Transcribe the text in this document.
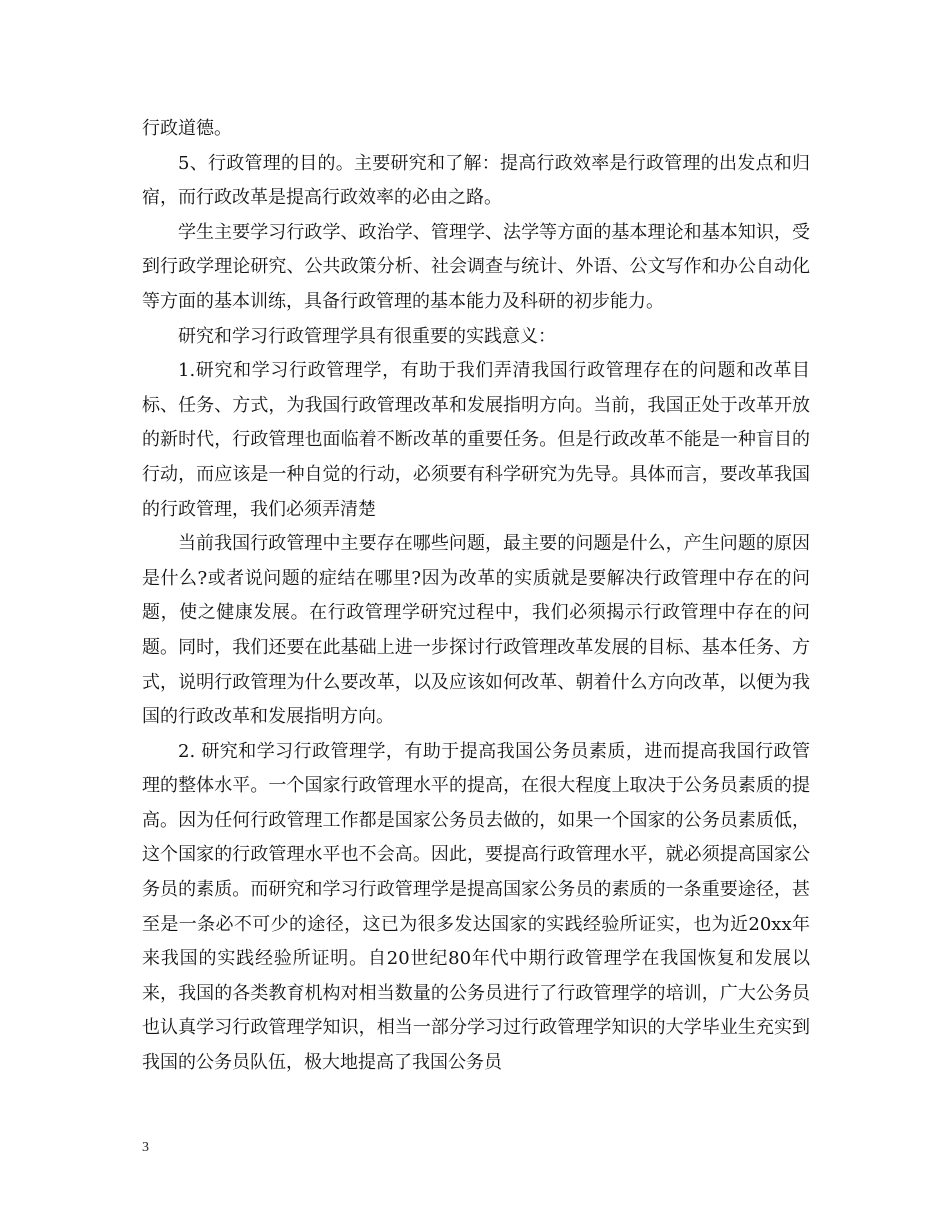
行政道德。

5、行政管理的目的。主要研究和了解：提高行政效率是行政管理的出发点和归宿，而行政改革是提高行政效率的必由之路。

学生主要学习行政学、政治学、管理学、法学等方面的基本理论和基本知识，受到行政学理论研究、公共政策分析、社会调查与统计、外语、公文写作和办公自动化等方面的基本训练，具备行政管理的基本能力及科研的初步能力。

研究和学习行政管理学具有很重要的实践意义：

1.研究和学习行政管理学，有助于我们弄清我国行政管理存在的问题和改革目标、任务、方式，为我国行政管理改革和发展指明方向。当前，我国正处于改革开放的新时代，行政管理也面临着不断改革的重要任务。但是行政改革不能是一种盲目的行动，而应该是一种自觉的行动，必须要有科学研究为先导。具体而言，要改革我国的行政管理，我们必须弄清楚

当前我国行政管理中主要存在哪些问题，最主要的问题是什么，产生问题的原因是什么?或者说问题的症结在哪里?因为改革的实质就是要解决行政管理中存在的问题，使之健康发展。在行政管理学研究过程中，我们必须揭示行政管理中存在的问题。同时，我们还要在此基础上进一步探讨行政管理改革发展的目标、基本任务、方式，说明行政管理为什么要改革，以及应该如何改革、朝着什么方向改革，以便为我国的行政改革和发展指明方向。

2. 研究和学习行政管理学，有助于提高我国公务员素质，进而提高我国行政管理的整体水平。一个国家行政管理水平的提高，在很大程度上取决于公务员素质的提高。因为任何行政管理工作都是国家公务员去做的，如果一个国家的公务员素质低，这个国家的行政管理水平也不会高。因此，要提高行政管理水平，就必须提高国家公务员的素质。而研究和学习行政管理学是提高国家公务员的素质的一条重要途径，甚至是一条必不可少的途径，这已为很多发达国家的实践经验所证实，也为近20xx年来我国的实践经验所证明。自20世纪80年代中期行政管理学在我国恢复和发展以来，我国的各类教育机构对相当数量的公务员进行了行政管理学的培训，广大公务员也认真学习行政管理学知识，相当一部分学习过行政管理学知识的大学毕业生充实到我国的公务员队伍，极大地提高了我国公务员

3
